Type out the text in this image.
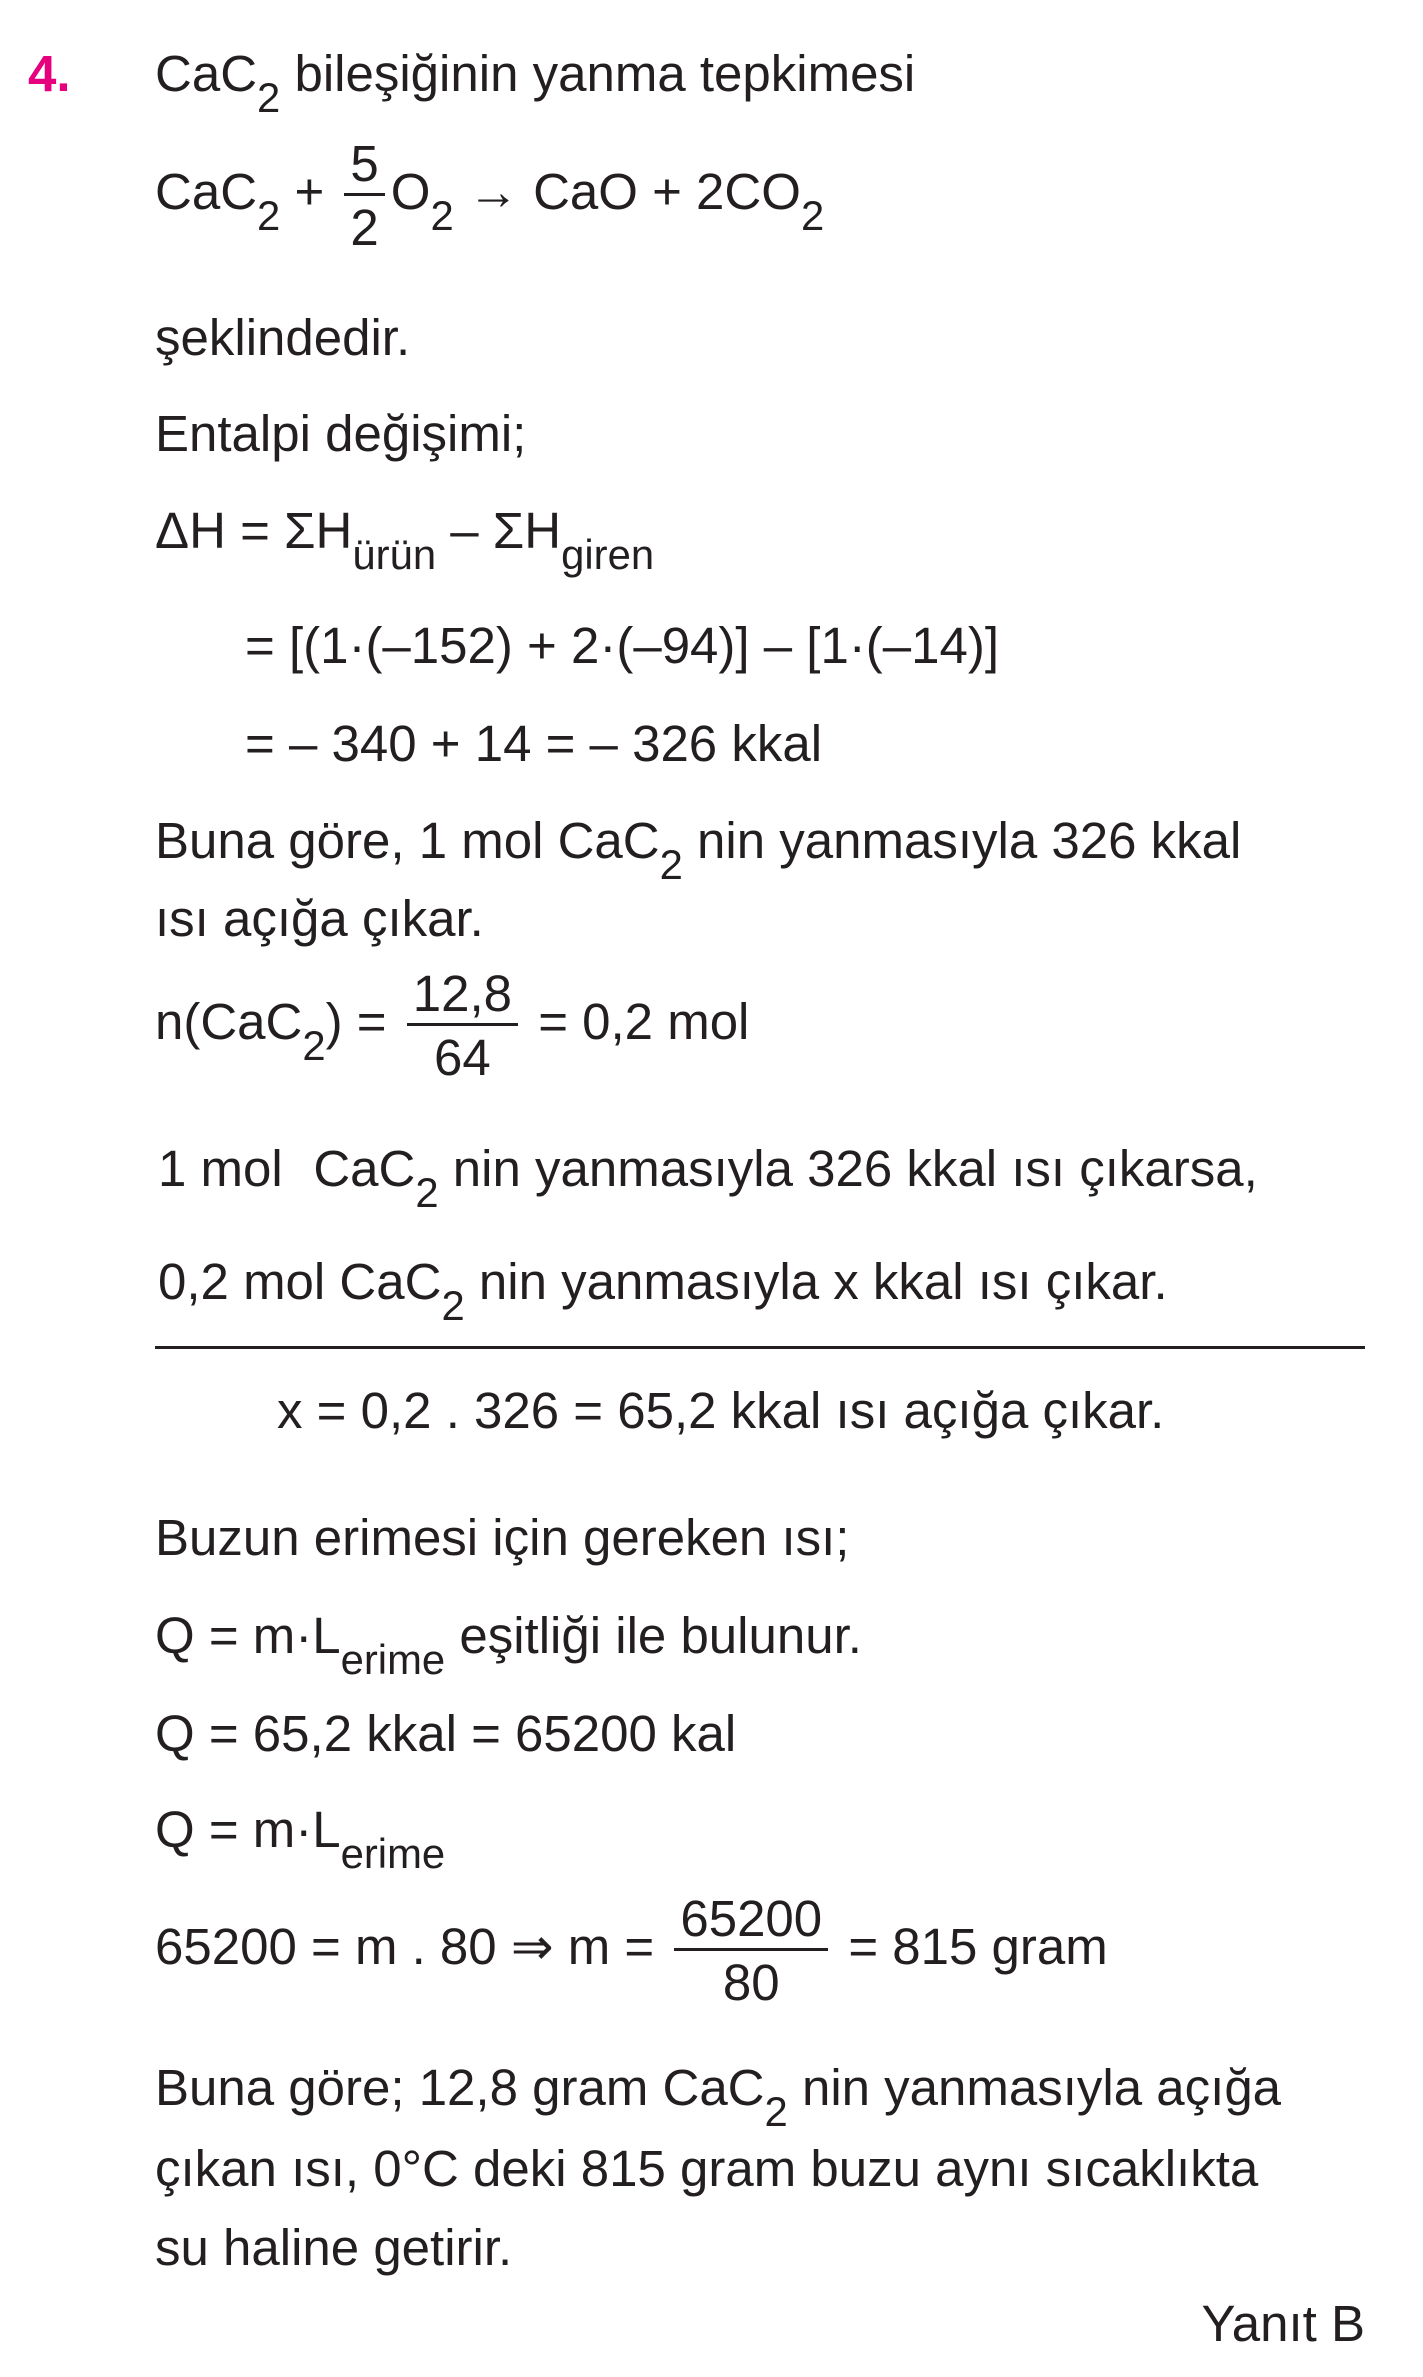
4. CaC$_2$ bileşiğinin yanma tepkimesi
$CaC_2 + \frac{5}{2} O_2$ → CaO + $2CO_2$
şeklindedir.
Entalpi değişimi;
$\Delta H = \Sigma H_{ürün} - \Sigma H_{giren}$
= [(1·(–152) + 2·(–94)] – [1·(–14)]
= – 340 + 14 = – 326 kkal
Buna göre, 1 mol CaC$_2$ nin yanmasıyla 326 kkal
ısı açığa çıkar.
$n(CaC_2) = \frac{12,8}{64} = 0,2$ mol
1 mol CaC$_2$ nin yanmasıyla 326 kkal ısı çıkarsa,
0,2 mol CaC$_2$ nin yanmasıyla x kkal ısı çıkar.
x = 0,2 . 326 = 65,2 kkal ısı açığa çıkar.
Buzun erimesi için gereken ısı;
$Q = m\cdot L_{erime}$ eşitliği ile bulunur.
Q = 65,2 kkal = 65200 kal
$Q = m\cdot L_{erime}$
65200 = m . 80 ⇒ $m = \frac{65200}{80} = 815$ gram
Buna göre; 12,8 gram CaC$_2$ nin yanmasıyla açığa
çıkan ısı, 0°C deki 815 gram buzu aynı sıcaklıkta
su haline getirir.
Yanıt B
